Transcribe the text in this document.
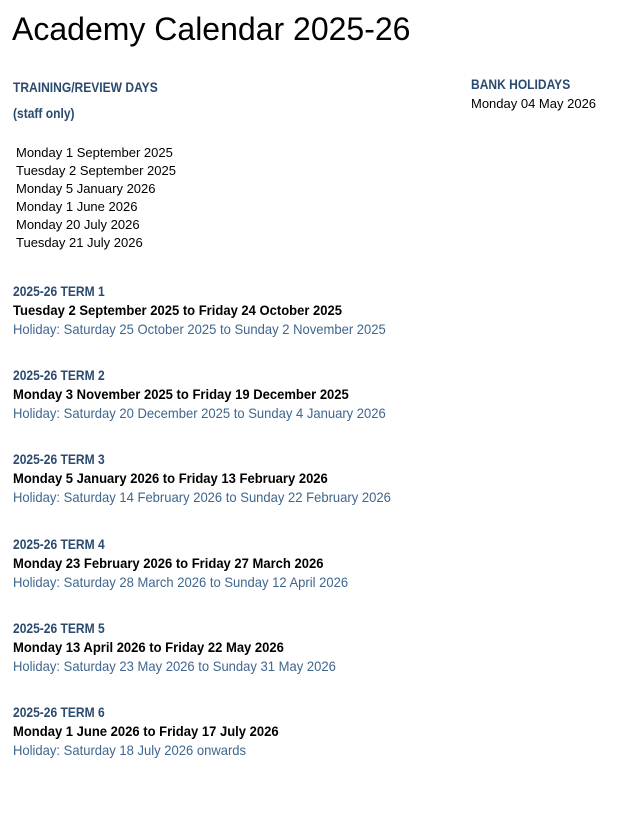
Academy Calendar 2025-26
TRAINING/REVIEW DAYS
(staff only)
Monday 1 September 2025
Tuesday 2 September 2025
Monday 5 January 2026
Monday 1 June 2026
Monday 20 July 2026
Tuesday 21 July 2026
BANK HOLIDAYS
Monday 04 May 2026
2025-26 TERM 1
Tuesday 2 September 2025 to Friday 24 October 2025
Holiday: Saturday 25 October 2025 to Sunday 2 November 2025
2025-26 TERM 2
Monday 3 November 2025 to Friday 19 December 2025
Holiday: Saturday 20 December 2025 to Sunday 4 January 2026
2025-26 TERM 3
Monday 5 January 2026 to Friday 13 February 2026
Holiday: Saturday 14 February 2026 to Sunday 22 February 2026
2025-26 TERM 4
Monday 23 February 2026 to Friday 27 March 2026
Holiday: Saturday 28 March 2026 to Sunday 12 April 2026
2025-26 TERM 5
Monday 13 April 2026 to Friday 22 May 2026
Holiday: Saturday 23 May 2026 to Sunday 31 May 2026
2025-26 TERM 6
Monday 1 June 2026 to Friday 17 July 2026
Holiday: Saturday 18 July 2026 onwards
